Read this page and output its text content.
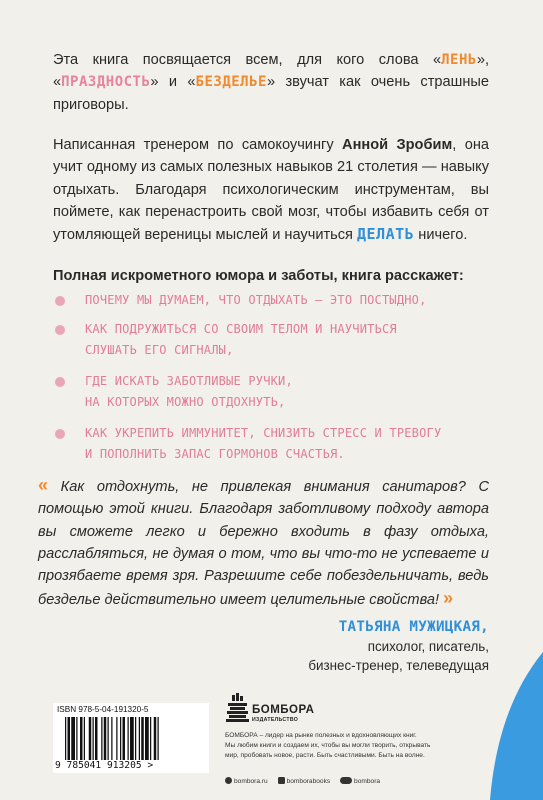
Эта книга посвящается всем, для кого слова «ЛЕНЬ», «ПРАЗДНОСТЬ» и «БЕЗДЕЛЬЕ» звучат как очень страшные приговоры.

Написанная тренером по самокоучингу Анной Зробим, она учит одному из самых полезных навыков 21 столетия — навыку отдыхать. Благодаря психологическим инструментам, вы поймете, как перенастроить свой мозг, чтобы избавить себя от утомляющей вереницы мыслей и научиться ДЕЛАТЬ ничего.

Полная искрометного юмора и заботы, книга расскажет:
ПОЧЕМУ МЫ ДУМАЕМ, ЧТО ОТДЫХАТЬ – ЭТО ПОСТЫДНО,
КАК ПОДРУЖИТЬСЯ СО СВОИМ ТЕЛОМ И НАУЧИТЬСЯ
СЛУШАТЬ ЕГО СИГНАЛЫ,
ГДЕ ИСКАТЬ ЗАБОТЛИВЫЕ РУЧКИ,
НА КОТОРЫХ МОЖНО ОТДОХНУТЬ,
КАК УКРЕПИТЬ ИММУНИТЕТ, СНИЗИТЬ СТРЕСС И ТРЕВОГУ
И ПОПОЛНИТЬ ЗАПАС ГОРМОНОВ СЧАСТЬЯ.

« Как отдохнуть, не привлекая внимания санитаров? С помощью этой книги. Благодаря заботливому подходу автора вы сможете легко и бережно входить в фазу отдыха, расслабляться, не думая о том, что вы что-то не успеваете и прозябаете время зря. Разрешите себе побездельничать, ведь безделье действительно имеет целительные свойства! »

ТАТЬЯНА МУЖИЦКАЯ,
психолог, писатель,
бизнес-тренер, телеведущая
ISBN 978-5-04-191320-5
9 785041 913205 >
БОМБОРА
ИЗДАТЕЛЬСТВО
БОМБОРА – лидер на рынке полезных и вдохновляющих книг.
Мы любим книги и создаем их, чтобы вы могли творить, открывать
мир, пробовать новое, расти. Быть счастливыми. Быть на волне.
bombora.ru	bomborabooks	bombora
